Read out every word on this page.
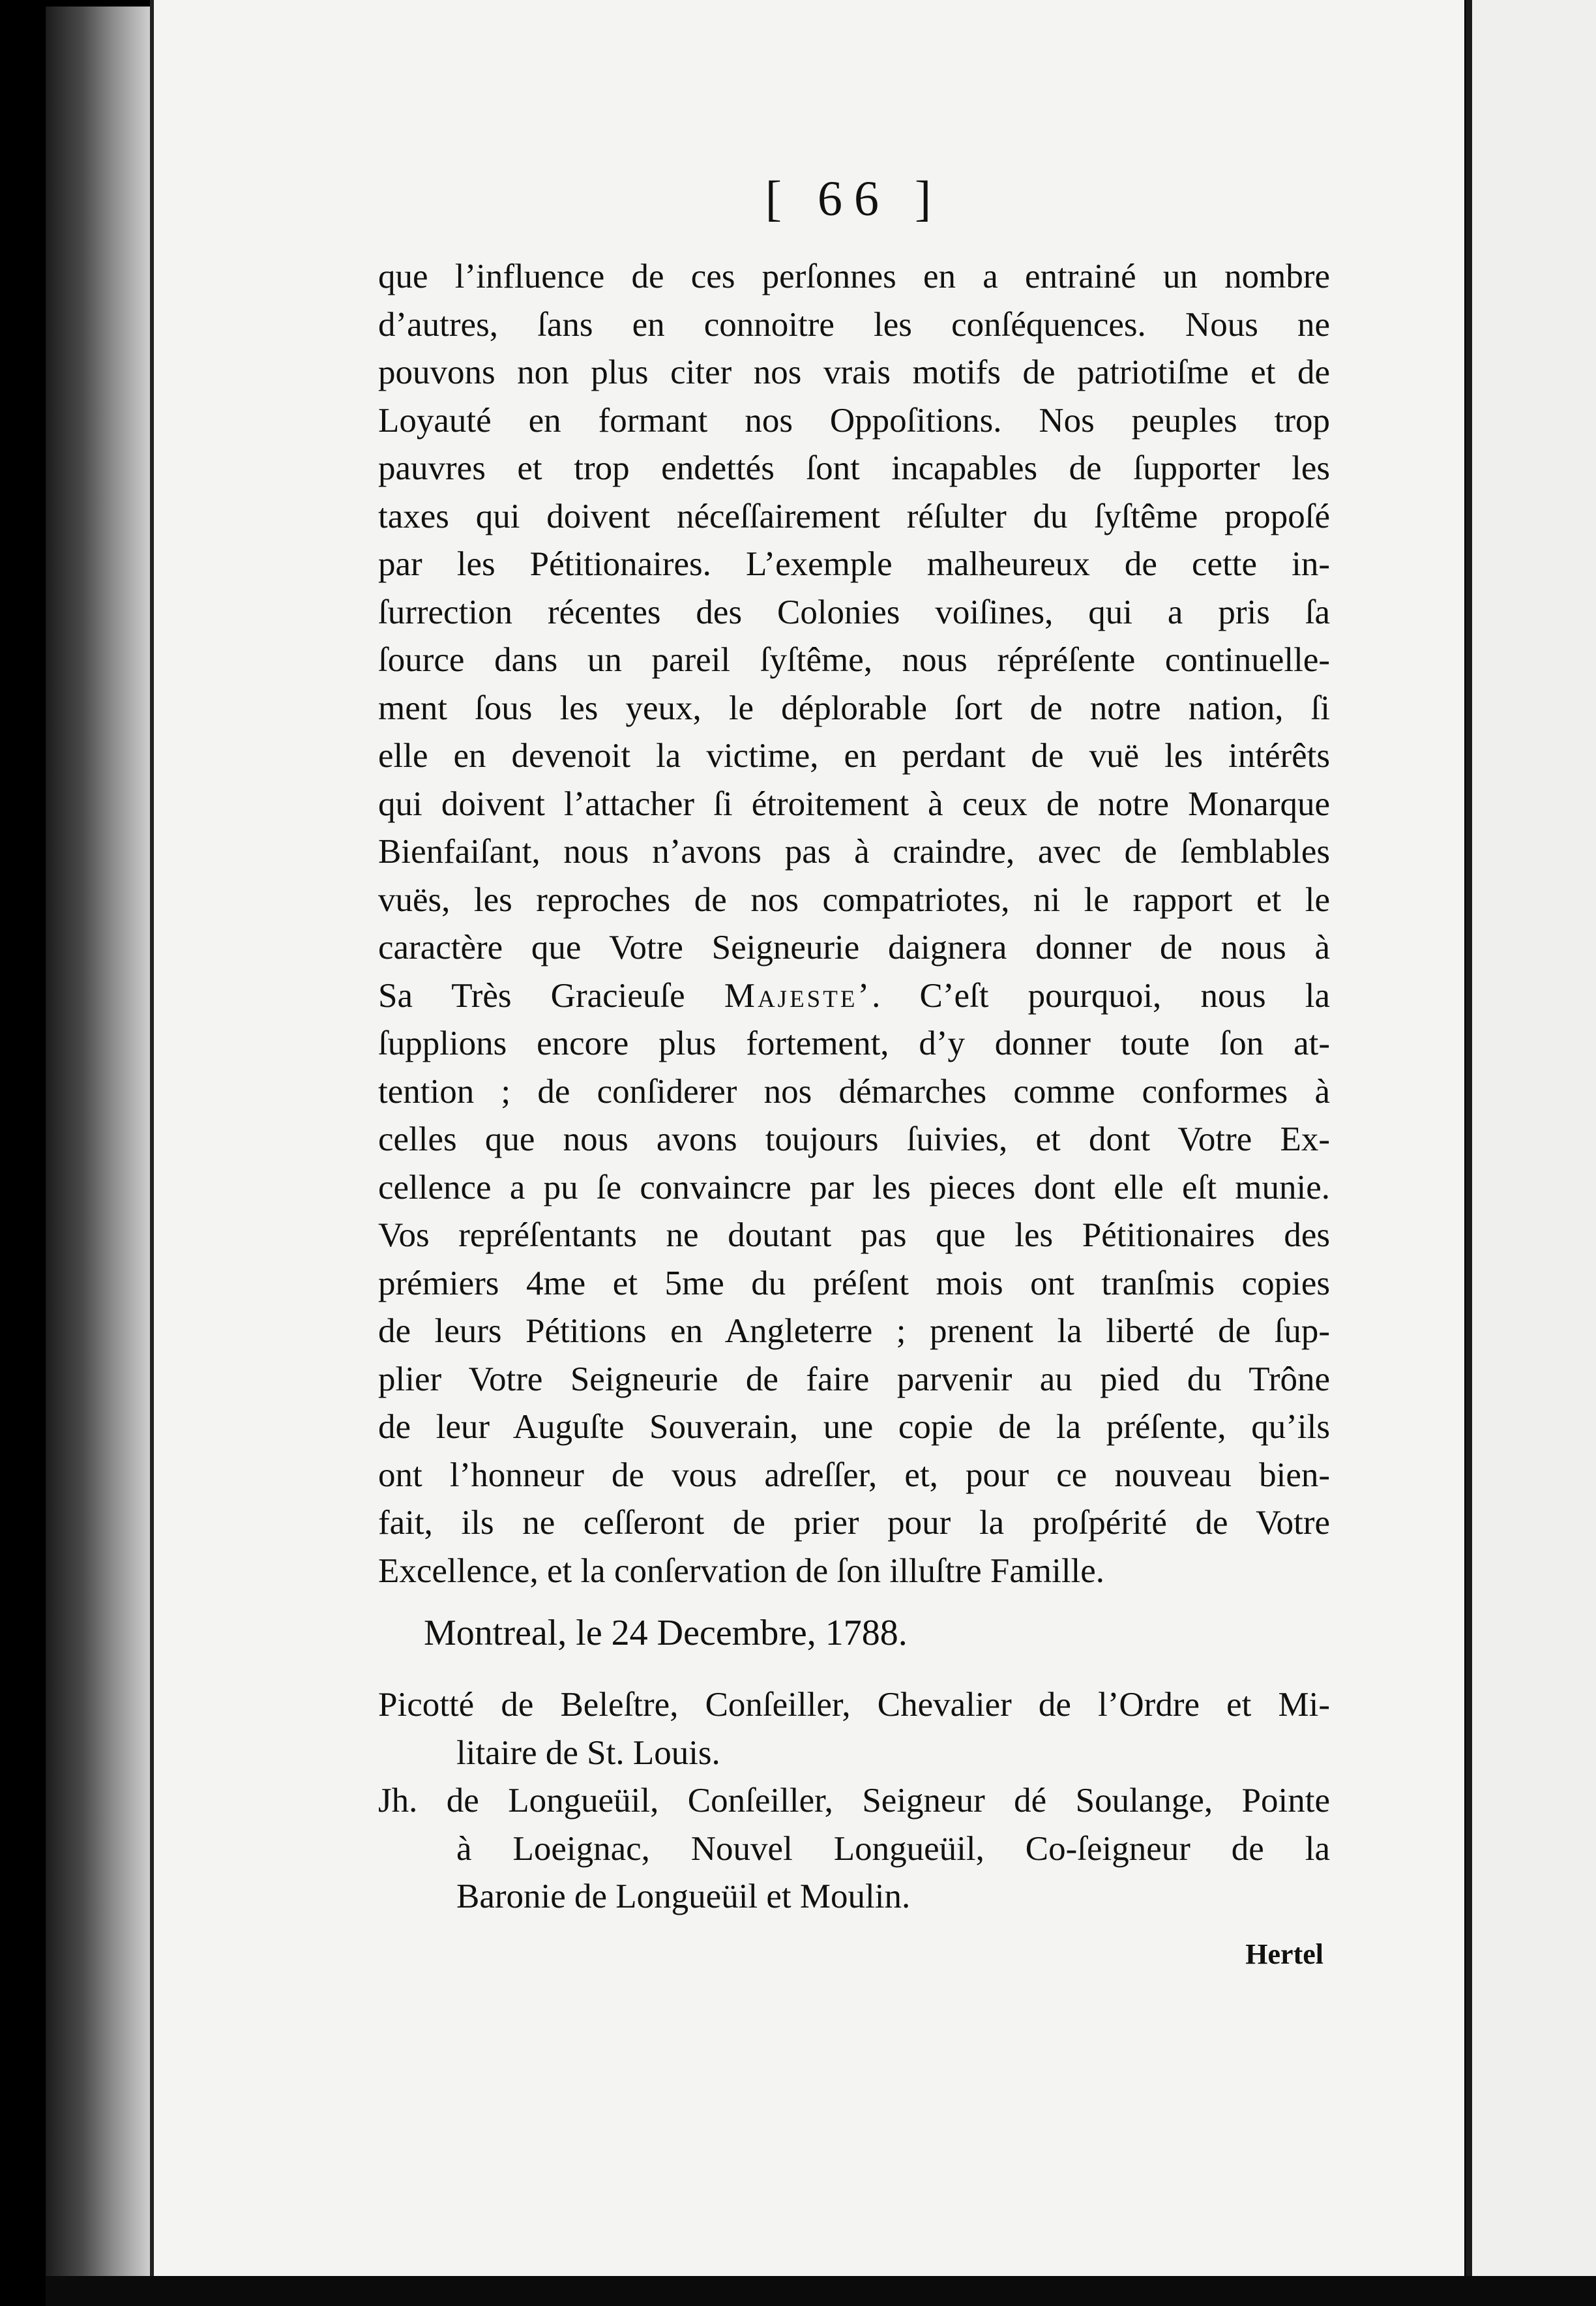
[ 66 ]
que l’influence de ces perſonnes en a entrainé un nombre
d’autres, ſans en connoitre les conſéquences. Nous ne
pouvons non plus citer nos vrais motifs de patriotiſme et de
Loyauté en formant nos Oppoſitions. Nos peuples trop
pauvres et trop endettés ſont incapables de ſupporter les
taxes qui doivent néceſſairement réſulter du ſyſtême propoſé
par les Pétitionaires. L’exemple malheureux de cette in-
ſurrection récentes des Colonies voiſines, qui a pris ſa
ſource dans un pareil ſyſtême, nous répréſente continuelle-
ment ſous les yeux, le déplorable ſort de notre nation, ſi
elle en devenoit la victime, en perdant de vuë les intérêts
qui doivent l’attacher ſi étroitement à ceux de notre Monarque
Bienfaiſant, nous n’avons pas à craindre, avec de ſemblables
vuës, les reproches de nos compatriotes, ni le rapport et le
caractère que Votre Seigneurie daignera donner de nous à
Sa Très Gracieuſe Majeste’. C’eſt pourquoi, nous la
ſupplions encore plus fortement, d’y donner toute ſon at-
tention ; de conſiderer nos démarches comme conformes à
celles que nous avons toujours ſuivies, et dont Votre Ex-
cellence a pu ſe convaincre par les pieces dont elle eſt munie.
Vos repréſentants ne doutant pas que les Pétitionaires des
prémiers 4me et 5me du préſent mois ont tranſmis copies
de leurs Pétitions en Angleterre ; prenent la liberté de ſup-
plier Votre Seigneurie de faire parvenir au pied du Trône
de leur Auguſte Souverain, une copie de la préſente, qu’ils
ont l’honneur de vous adreſſer, et, pour ce nouveau bien-
fait, ils ne ceſſeront de prier pour la proſpérité de Votre
Excellence, et la conſervation de ſon illuſtre Famille.
Montreal, le 24 Decembre, 1788.
Picotté de Beleſtre, Conſeiller, Chevalier de l’Ordre et Mi-
litaire de St. Louis.
Jh. de Longueüil, Conſeiller, Seigneur dé Soulange, Pointe
à Loeignac, Nouvel Longueüil, Co-ſeigneur de la
Baronie de Longueüil et Moulin.
Hertel
